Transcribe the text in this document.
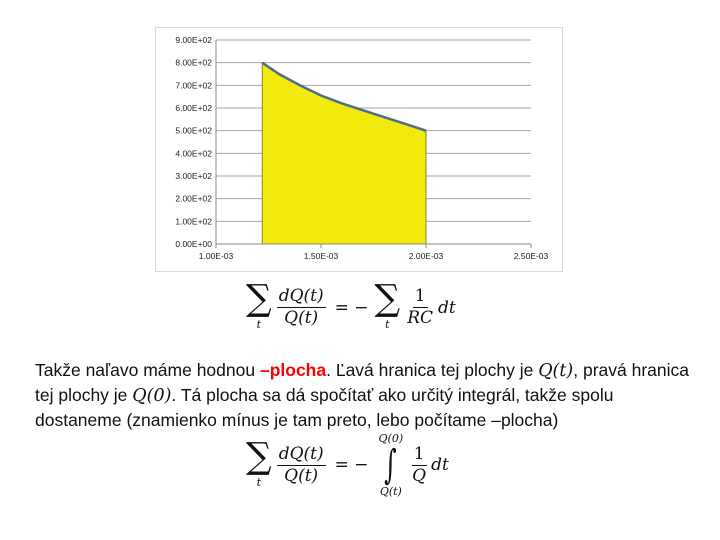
9.00E+02
8.00E+02
7.00E+02
6.00E+02
5.00E+02
4.00E+02
3.00E+02
2.00E+02
1.00E+02
0.00E+00
1.00E-03	1.50E-03	2.00E-03	2.50E-03
∑
t $\frac{dQ(t)}{Q(t)}$ = − ∑
t $\frac{1}{RC}$ dt
Takže naľavo máme hodnou –plocha. Ľavá hranica tej plochy je Q(t), pravá hranica tej plochy je Q(0). Tá plocha sa dá spočítať ako určitý integrál, takže spolu dostaneme (znamienko mínus je tam preto, lebo počítame –plocha)
∑
t $\frac{dQ(t)}{Q(t)}$ = −
Q(0)
∫
Q(t)
$\frac{1}{Q}$ dt
